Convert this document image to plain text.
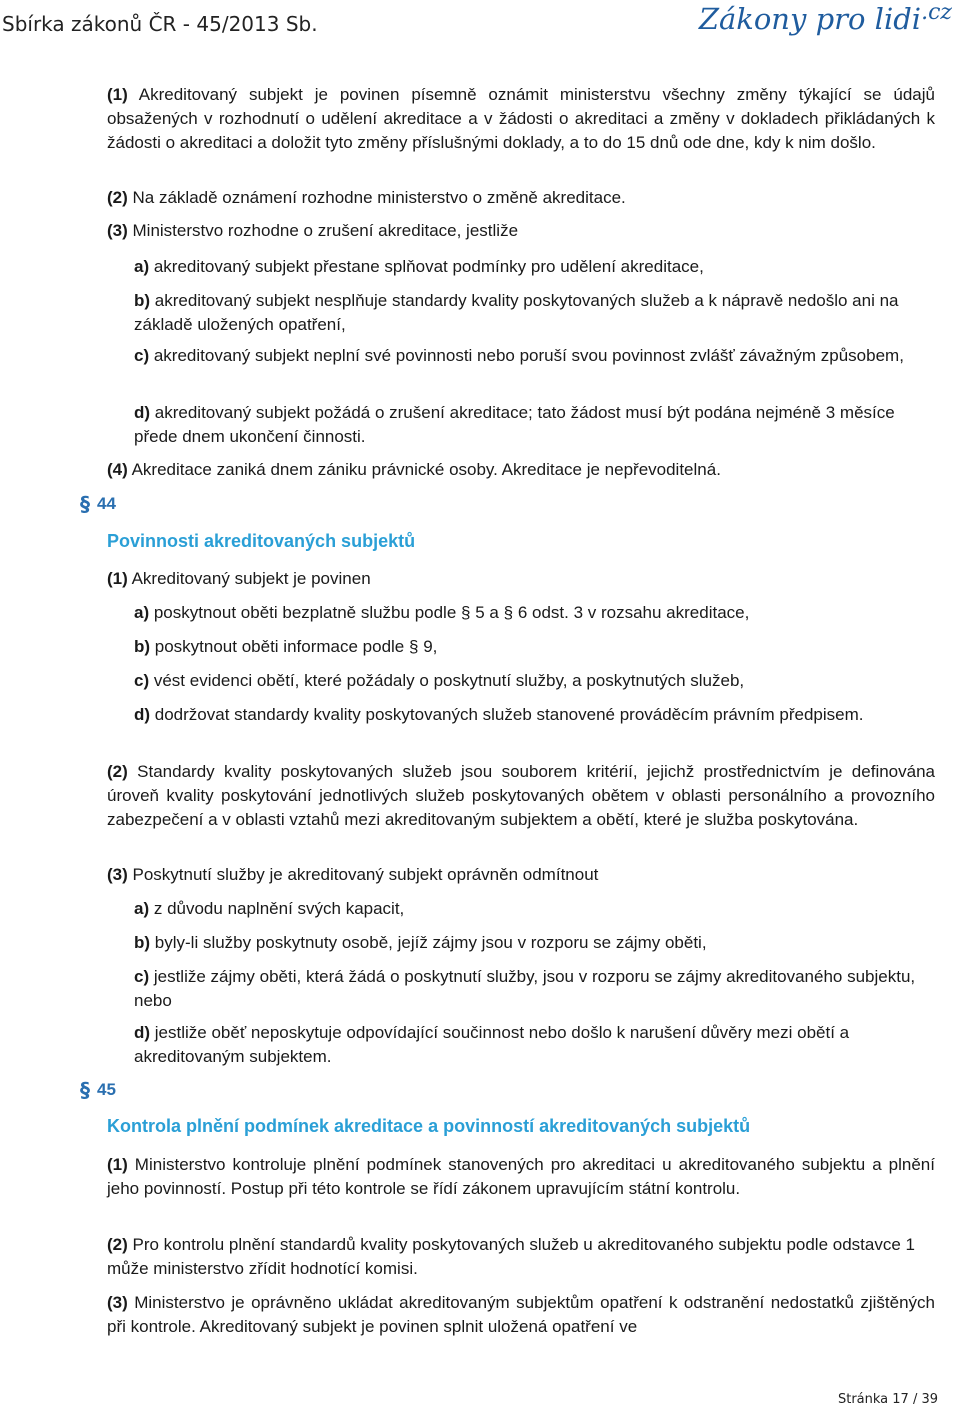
Sbírka zákonů ČR - 45/2013 Sb.	Zákony pro lidi$^{.cz}$
(1) Akreditovaný subjekt je povinen písemně oznámit ministerstvu všechny změny týkající se údajů obsažených v rozhodnutí o udělení akreditace a v žádosti o akreditaci a změny v dokladech přikládaných k žádosti o akreditaci a doložit tyto změny příslušnými doklady, a to do 15 dnů ode dne, kdy k nim došlo.
(2) Na základě oznámení rozhodne ministerstvo o změně akreditace.
(3) Ministerstvo rozhodne o zrušení akreditace, jestliže
a) akreditovaný subjekt přestane splňovat podmínky pro udělení akreditace,
b) akreditovaný subjekt nesplňuje standardy kvality poskytovaných služeb a k nápravě nedošlo ani na základě uložených opatření,
c) akreditovaný subjekt neplní své povinnosti nebo poruší svou povinnost zvlášť závažným způsobem,
d) akreditovaný subjekt požádá o zrušení akreditace; tato žádost musí být podána nejméně 3 měsíce přede dnem ukončení činnosti.
(4) Akreditace zaniká dnem zániku právnické osoby. Akreditace je nepřevoditelná.
§ 44
Povinnosti akreditovaných subjektů
(1) Akreditovaný subjekt je povinen
a) poskytnout oběti bezplatně službu podle § 5 a § 6 odst. 3 v rozsahu akreditace,
b) poskytnout oběti informace podle § 9,
c) vést evidenci obětí, které požádaly o poskytnutí služby, a poskytnutých služeb,
d) dodržovat standardy kvality poskytovaných služeb stanovené prováděcím právním předpisem.
(2) Standardy kvality poskytovaných služeb jsou souborem kritérií, jejichž prostřednictvím je definována úroveň kvality poskytování jednotlivých služeb poskytovaných obětem v oblasti personálního a provozního zabezpečení a v oblasti vztahů mezi akreditovaným subjektem a obětí, které je služba poskytována.
(3) Poskytnutí služby je akreditovaný subjekt oprávněn odmítnout
a) z důvodu naplnění svých kapacit,
b) byly-li služby poskytnuty osobě, jejíž zájmy jsou v rozporu se zájmy oběti,
c) jestliže zájmy oběti, která žádá o poskytnutí služby, jsou v rozporu se zájmy akreditovaného subjektu, nebo
d) jestliže oběť neposkytuje odpovídající součinnost nebo došlo k narušení důvěry mezi obětí a akreditovaným subjektem.
§ 45
Kontrola plnění podmínek akreditace a povinností akreditovaných subjektů
(1) Ministerstvo kontroluje plnění podmínek stanovených pro akreditaci u akreditovaného subjektu a plnění jeho povinností. Postup při této kontrole se řídí zákonem upravujícím státní kontrolu.
(2) Pro kontrolu plnění standardů kvality poskytovaných služeb u akreditovaného subjektu podle odstavce 1 může ministerstvo zřídit hodnotící komisi.
(3) Ministerstvo je oprávněno ukládat akreditovaným subjektům opatření k odstranění nedostatků zjištěných při kontrole. Akreditovaný subjekt je povinen splnit uložená opatření ve
Stránka 17 / 39
